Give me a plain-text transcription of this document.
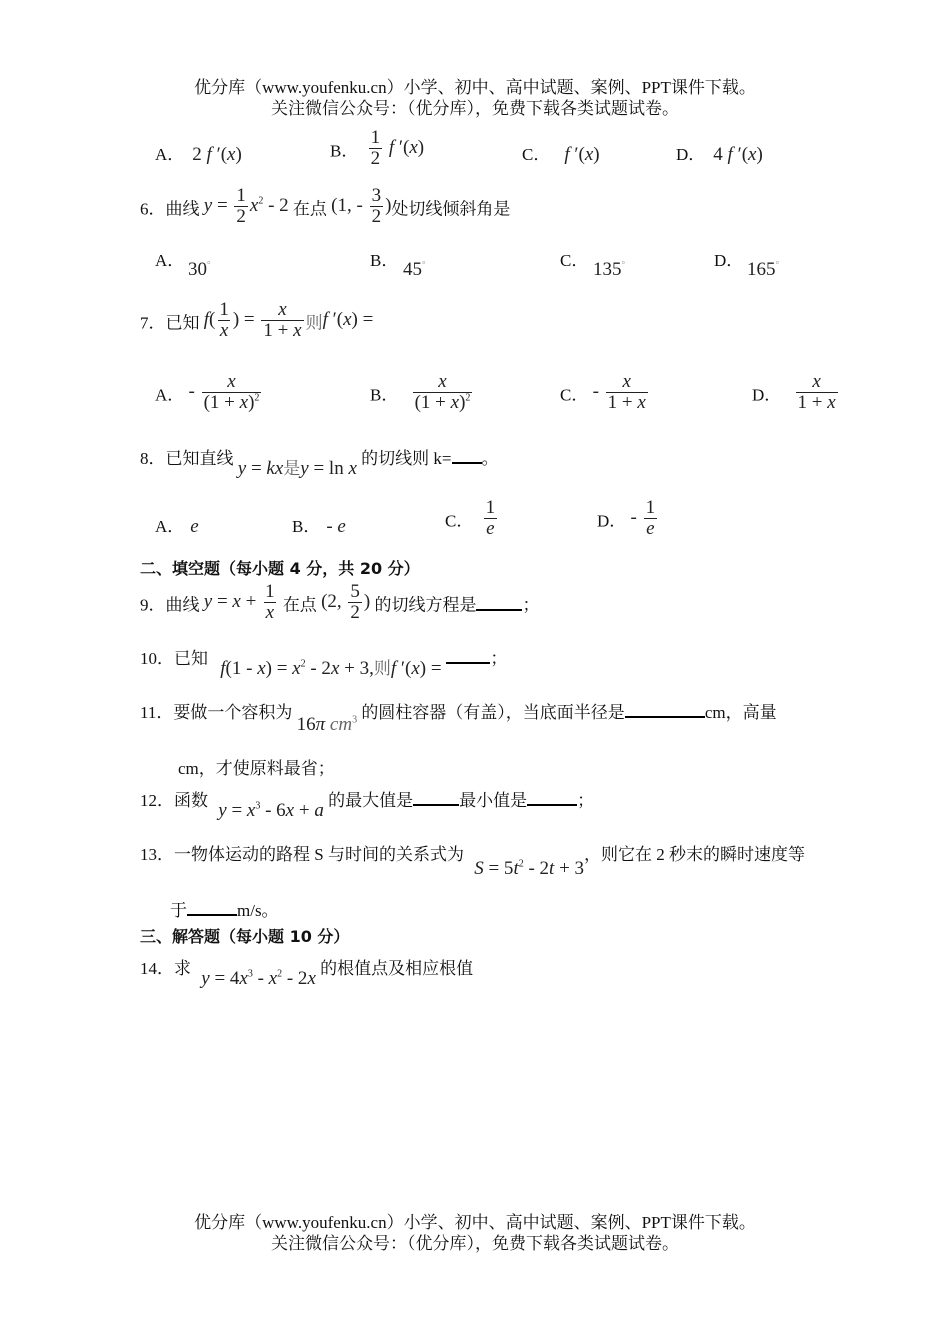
优分库（www.youfenku.cn）小学、初中、高中试题、案例、PPT课件下载。
关注微信公众号：（优分库），免费下载各类试题试卷。
A． 2 f ′(x)	B． $\frac{1}{2}$ f ′(x)	C． f ′(x)	D． 4 f ′(x)
6．曲线 $y = \frac{1}{2} x^2 - 2$ 在点 (1, - $\frac{3}{2}$ )处切线倾斜角是
A． 30°	B． 45°	C． 135°	D． 165°
7．已知 $f( \frac{1}{x}$ ) = $\frac{x}{1 + x}$ 则f ′(x) =
A． - $\frac{x}{(1 + x)^2}$	B． $\frac{x}{(1 + x)^2}$	C． - $\frac{x}{1 + x}$	D． $\frac{x}{1 + x}$
8．已知直线 y = kx是y = ln x 的切线则 k= 。
A． e	B． - e	C． $\frac{1}{e}$	D． - $\frac{1}{e}$
二、填空题（每小题 4 分，共 20 分）
9．曲线 $y = x + \frac{1}{x}$ 在点 (2, $\frac{5}{2}$ ) 的切线方程是	；
10．已知 $f(1 - x) = x^2 - 2x + 3$,则f ′(x) =	；
11．要做一个容积为 16π $cm^3$ 的圆柱容器（有盖），当底面半径是	cm，高量
cm，才使原料最省；
12．函数 $y = x^3 - 6x + a$ 的最大值是	最小值是	；
13．一物体运动的路程 S 与时间的关系式为 $S = 5t^2 - 2t + 3$，则它在 2 秒末的瞬时速度等
于	m/s。
三、解答题（每小题 10 分）
14．求 $y = 4x^3 - x^2 - 2x$ 的根值点及相应根值
优分库（www.youfenku.cn）小学、初中、高中试题、案例、PPT课件下载。
关注微信公众号：（优分库），免费下载各类试题试卷。
